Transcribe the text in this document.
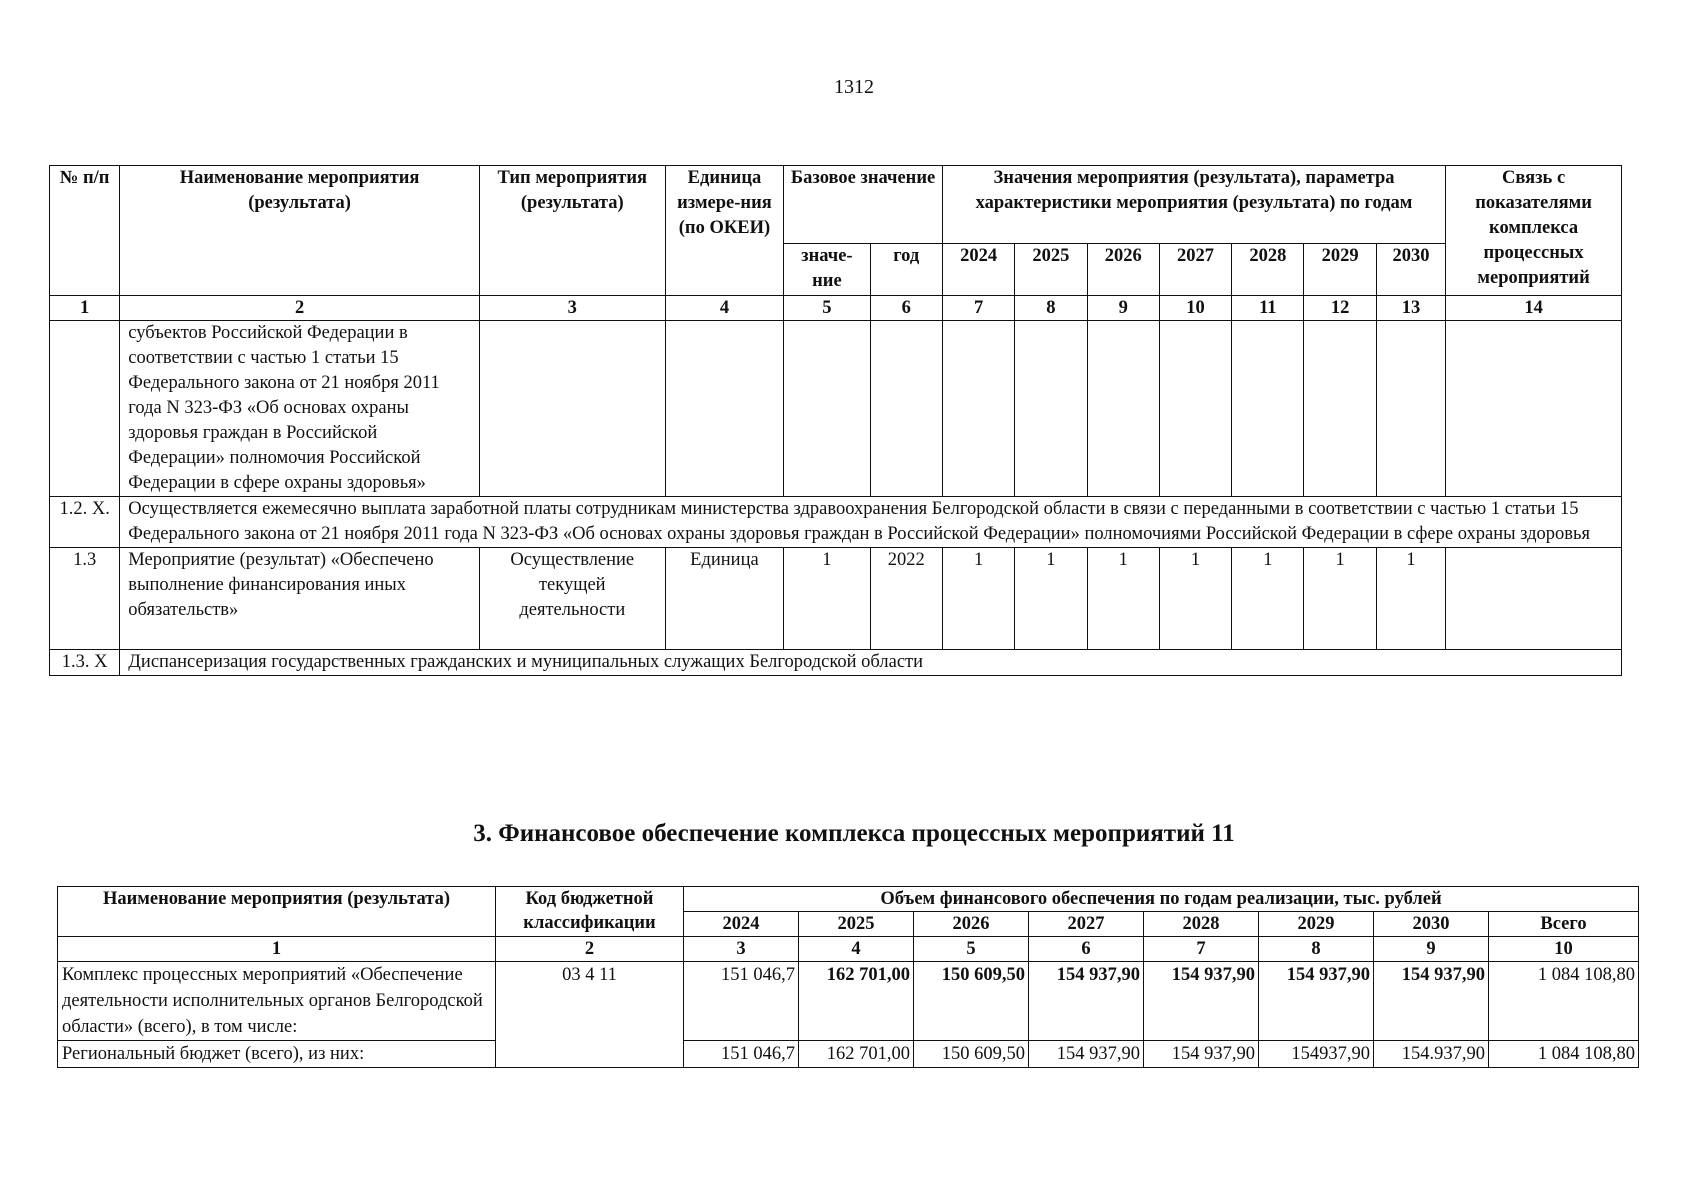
1312
№ п/п	Наименование мероприятия (результата)	Тип мероприятия (результата)	Единица измере-ния (по ОКЕИ)	Базовое значение		Значения мероприятия (результата), параметра характеристики мероприятия (результата) по годам							Связь с показателями комплекса процессных мероприятий
				значе-ние	год	2024	2025	2026	2027	2028	2029	2030	
1	2	3	4	5	6	7	8	9	10	11	12	13	14
	субъектов Российской Федерации в соответствии с частью 1 статьи 15 Федерального закона от 21 ноября 2011 года N 323-ФЗ «Об основах охраны здоровья граждан в Российской Федерации» полномочия Российской Федерации в сфере охраны здоровья»												
1.2. X.	Осуществляется ежемесячно выплата заработной платы сотрудникам министерства здравоохранения Белгородской области в связи с переданными в соответствии с частью 1 статьи 15 Федерального закона от 21 ноября 2011 года N 323-ФЗ «Об основах охраны здоровья граждан в Российской Федерации» полномочиями Российской Федерации в сфере охраны здоровья												
1.3	Мероприятие (результат) «Обеспечено выполнение финансирования иных обязательств»	Осуществление текущей деятельности	Единица	1	2022	1	1	1	1	1	1	1	
1.3. X	Диспансеризация государственных гражданских и муниципальных служащих Белгородской области												
3. Финансовое обеспечение комплекса процессных мероприятий 11
Наименование мероприятия (результата)	Код бюджетной классификации	Объем финансового обеспечения по годам реализации, тыс. рублей							
		2024	2025	2026	2027	2028	2029	2030	Всего
1	2	3	4	5	6	7	8	9	10
Комплекс процессных мероприятий «Обеспечение деятельности исполнительных органов Белгородской области» (всего), в том числе:	03 4 11	151 046,7	162 701,00	150 609,50	154 937,90	154 937,90	154 937,90	154 937,90	1 084 108,80
Региональный бюджет (всего), из них:		151 046,7	162 701,00	150 609,50	154 937,90	154 937,90	154937,90	154.937,90	1 084 108,80
